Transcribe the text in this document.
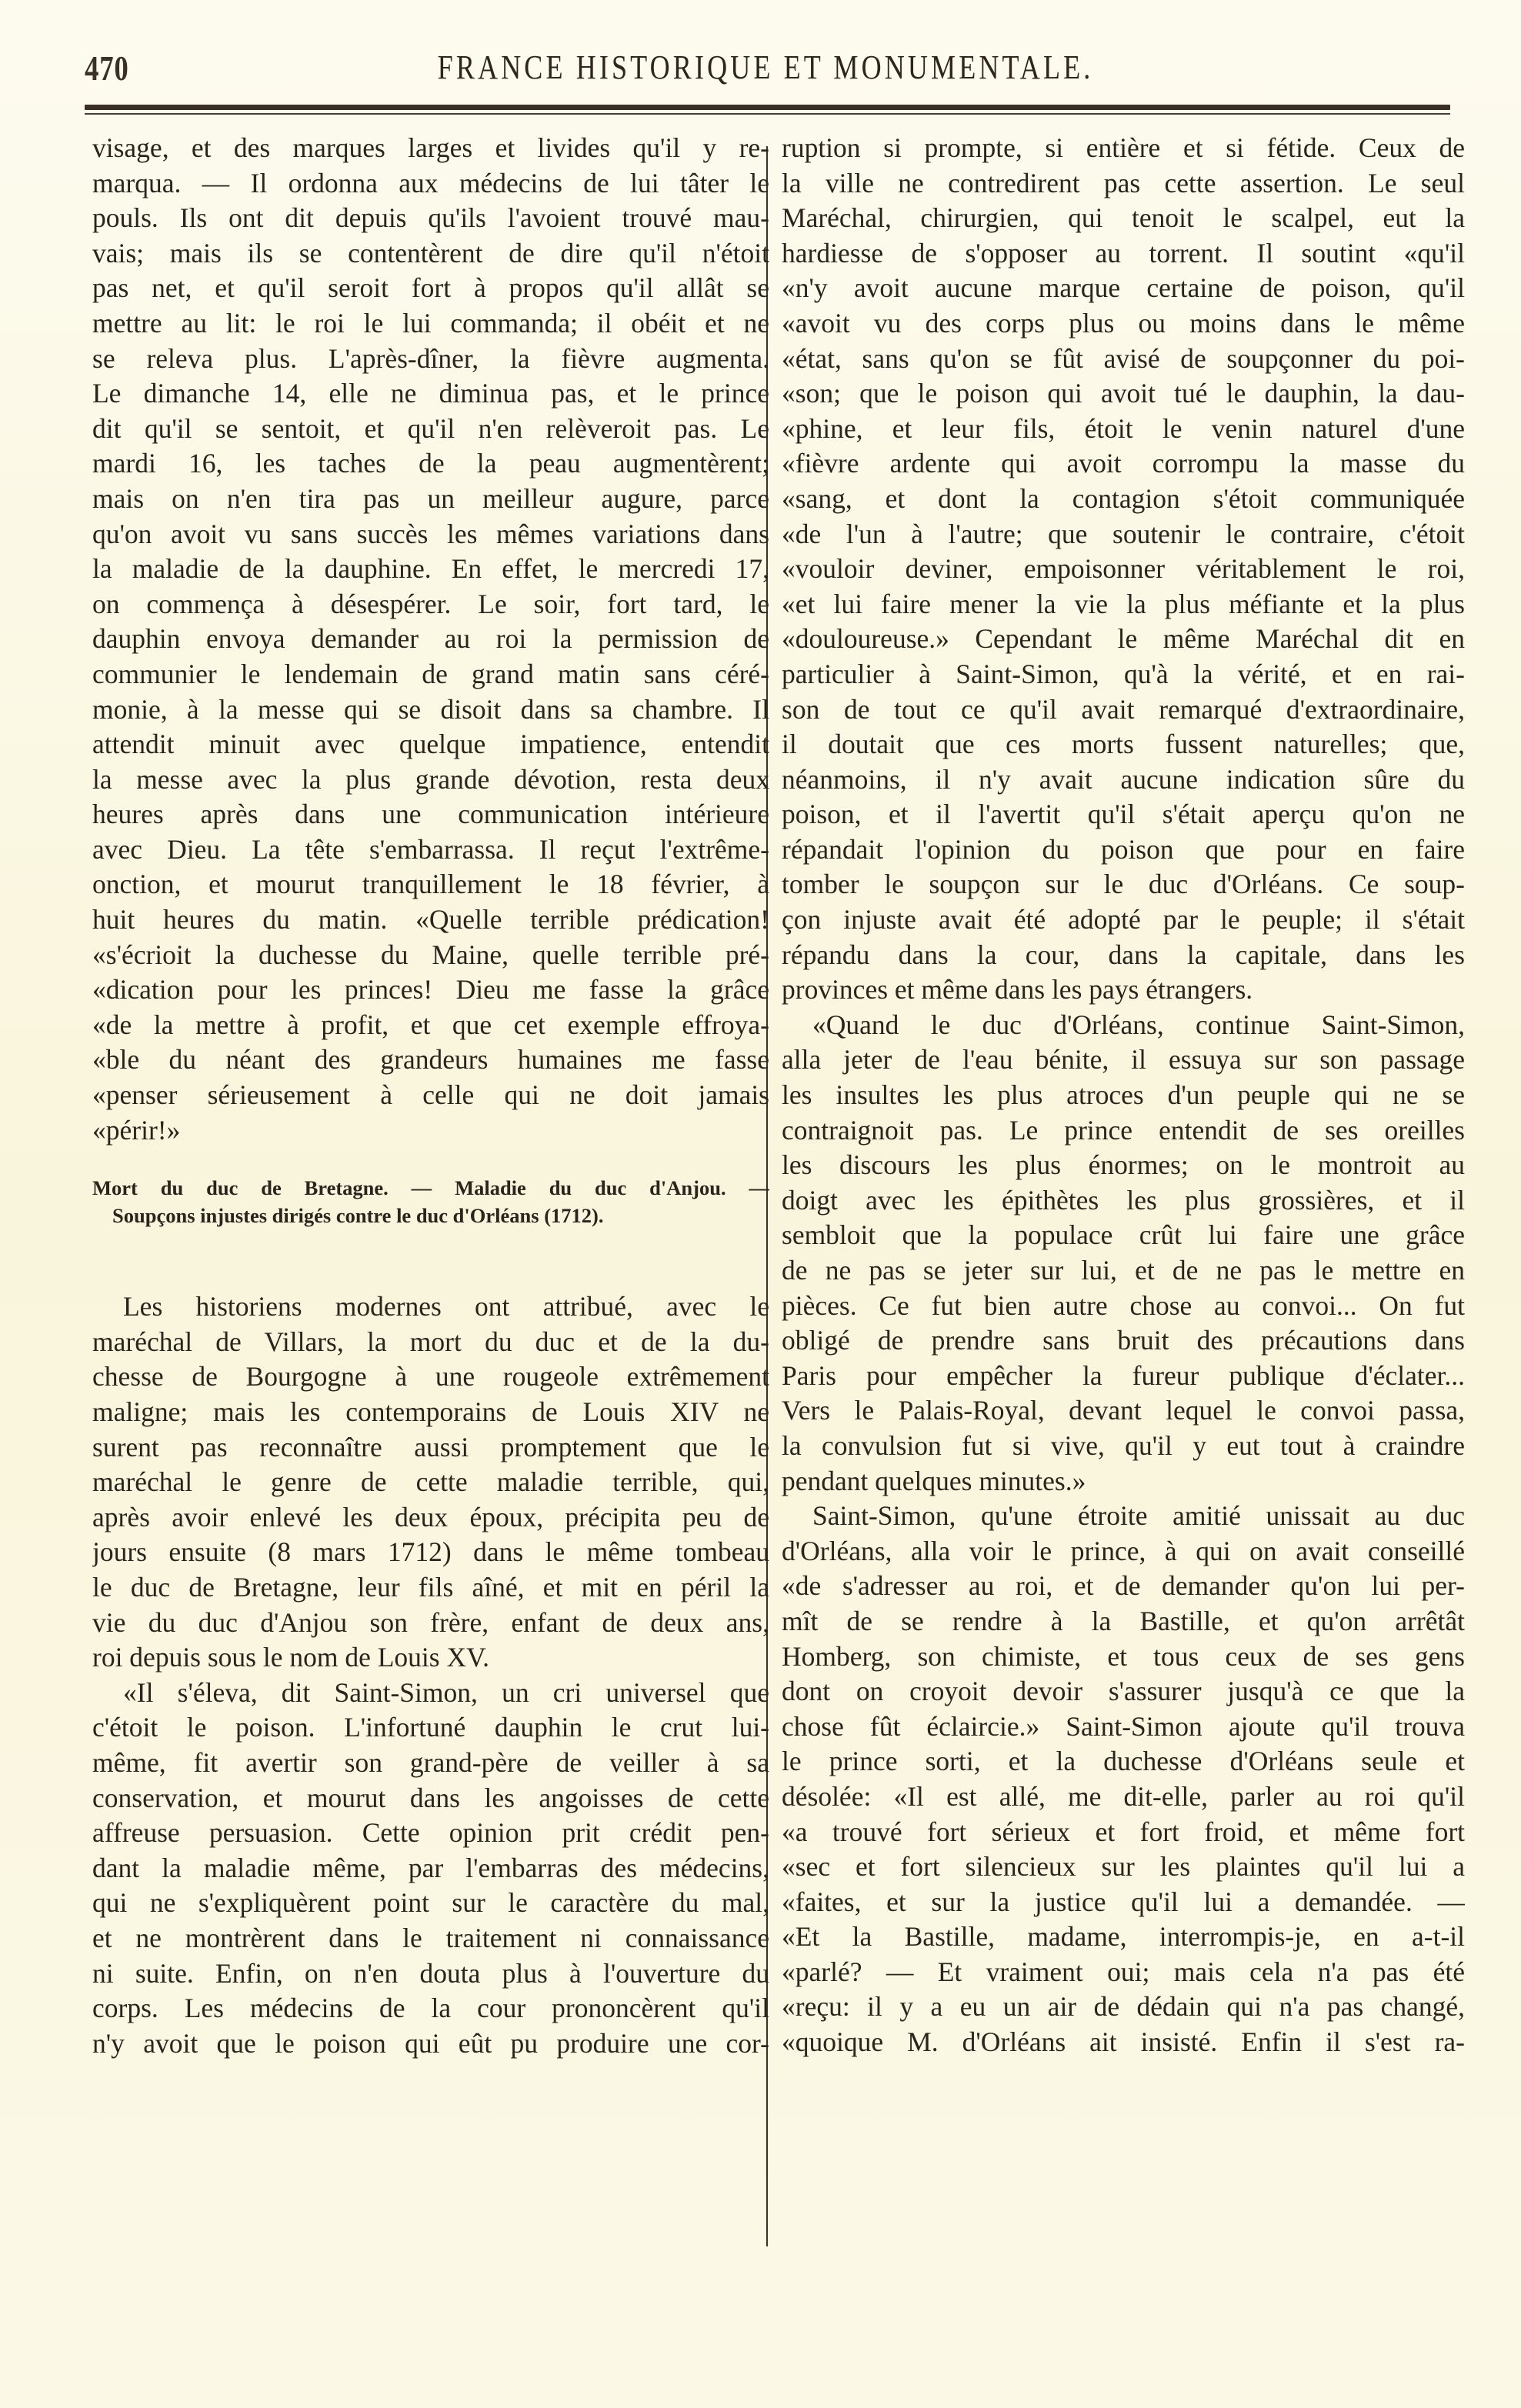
470	FRANCE HISTORIQUE ET MONUMENTALE.
visage, et des marques larges et livides qu'il y re-
marqua. — Il ordonna aux médecins de lui tâter le
pouls. Ils ont dit depuis qu'ils l'avoient trouvé mau-
vais; mais ils se contentèrent de dire qu'il n'étoit
pas net, et qu'il seroit fort à propos qu'il allât se
mettre au lit: le roi le lui commanda; il obéit et ne
se releva plus. L'après-dîner, la fièvre augmenta.
Le dimanche 14, elle ne diminua pas, et le prince
dit qu'il se sentoit, et qu'il n'en relèveroit pas. Le
mardi 16, les taches de la peau augmentèrent;
mais on n'en tira pas un meilleur augure, parce
qu'on avoit vu sans succès les mêmes variations dans
la maladie de la dauphine. En effet, le mercredi 17,
on commença à désespérer. Le soir, fort tard, le
dauphin envoya demander au roi la permission de
communier le lendemain de grand matin sans céré-
monie, à la messe qui se disoit dans sa chambre. Il
attendit minuit avec quelque impatience, entendit
la messe avec la plus grande dévotion, resta deux
heures après dans une communication intérieure
avec Dieu. La tête s'embarrassa. Il reçut l'extrême-
onction, et mourut tranquillement le 18 février, à
huit heures du matin. «Quelle terrible prédication!
«s'écrioit la duchesse du Maine, quelle terrible pré-
«dication pour les princes! Dieu me fasse la grâce
«de la mettre à profit, et que cet exemple effroya-
«ble du néant des grandeurs humaines me fasse
«penser sérieusement à celle qui ne doit jamais
«périr!»
Mort du duc de Bretagne. — Maladie du duc d'Anjou. —
Soupçons injustes dirigés contre le duc d'Orléans (1712).
Les historiens modernes ont attribué, avec le
maréchal de Villars, la mort du duc et de la du-
chesse de Bourgogne à une rougeole extrêmement
maligne; mais les contemporains de Louis XIV ne
surent pas reconnaître aussi promptement que le
maréchal le genre de cette maladie terrible, qui,
après avoir enlevé les deux époux, précipita peu de
jours ensuite (8 mars 1712) dans le même tombeau
le duc de Bretagne, leur fils aîné, et mit en péril la
vie du duc d'Anjou son frère, enfant de deux ans,
roi depuis sous le nom de Louis XV.
«Il s'éleva, dit Saint-Simon, un cri universel que
c'étoit le poison. L'infortuné dauphin le crut lui-
même, fit avertir son grand-père de veiller à sa
conservation, et mourut dans les angoisses de cette
affreuse persuasion. Cette opinion prit crédit pen-
dant la maladie même, par l'embarras des médecins,
qui ne s'expliquèrent point sur le caractère du mal,
et ne montrèrent dans le traitement ni connaissance
ni suite. Enfin, on n'en douta plus à l'ouverture du
corps. Les médecins de la cour prononcèrent qu'il
n'y avoit que le poison qui eût pu produire une cor-
ruption si prompte, si entière et si fétide. Ceux de
la ville ne contredirent pas cette assertion. Le seul
Maréchal, chirurgien, qui tenoit le scalpel, eut la
hardiesse de s'opposer au torrent. Il soutint «qu'il
«n'y avoit aucune marque certaine de poison, qu'il
«avoit vu des corps plus ou moins dans le même
«état, sans qu'on se fût avisé de soupçonner du poi-
«son; que le poison qui avoit tué le dauphin, la dau-
«phine, et leur fils, étoit le venin naturel d'une
«fièvre ardente qui avoit corrompu la masse du
«sang, et dont la contagion s'étoit communiquée
«de l'un à l'autre; que soutenir le contraire, c'étoit
«vouloir deviner, empoisonner véritablement le roi,
«et lui faire mener la vie la plus méfiante et la plus
«douloureuse.» Cependant le même Maréchal dit en
particulier à Saint-Simon, qu'à la vérité, et en rai-
son de tout ce qu'il avait remarqué d'extraordinaire,
il doutait que ces morts fussent naturelles; que,
néanmoins, il n'y avait aucune indication sûre du
poison, et il l'avertit qu'il s'était aperçu qu'on ne
répandait l'opinion du poison que pour en faire
tomber le soupçon sur le duc d'Orléans. Ce soup-
çon injuste avait été adopté par le peuple; il s'était
répandu dans la cour, dans la capitale, dans les
provinces et même dans les pays étrangers.
«Quand le duc d'Orléans, continue Saint-Simon,
alla jeter de l'eau bénite, il essuya sur son passage
les insultes les plus atroces d'un peuple qui ne se
contraignoit pas. Le prince entendit de ses oreilles
les discours les plus énormes; on le montroit au
doigt avec les épithètes les plus grossières, et il
sembloit que la populace crût lui faire une grâce
de ne pas se jeter sur lui, et de ne pas le mettre en
pièces. Ce fut bien autre chose au convoi... On fut
obligé de prendre sans bruit des précautions dans
Paris pour empêcher la fureur publique d'éclater...
Vers le Palais-Royal, devant lequel le convoi passa,
la convulsion fut si vive, qu'il y eut tout à craindre
pendant quelques minutes.»
Saint-Simon, qu'une étroite amitié unissait au duc
d'Orléans, alla voir le prince, à qui on avait conseillé
«de s'adresser au roi, et de demander qu'on lui per-
mît de se rendre à la Bastille, et qu'on arrêtât
Homberg, son chimiste, et tous ceux de ses gens
dont on croyoit devoir s'assurer jusqu'à ce que la
chose fût éclaircie.» Saint-Simon ajoute qu'il trouva
le prince sorti, et la duchesse d'Orléans seule et
désolée: «Il est allé, me dit-elle, parler au roi qu'il
«a trouvé fort sérieux et fort froid, et même fort
«sec et fort silencieux sur les plaintes qu'il lui a
«faites, et sur la justice qu'il lui a demandée. —
«Et la Bastille, madame, interrompis-je, en a-t-il
«parlé? — Et vraiment oui; mais cela n'a pas été
«reçu: il y a eu un air de dédain qui n'a pas changé,
«quoique M. d'Orléans ait insisté. Enfin il s'est ra-
